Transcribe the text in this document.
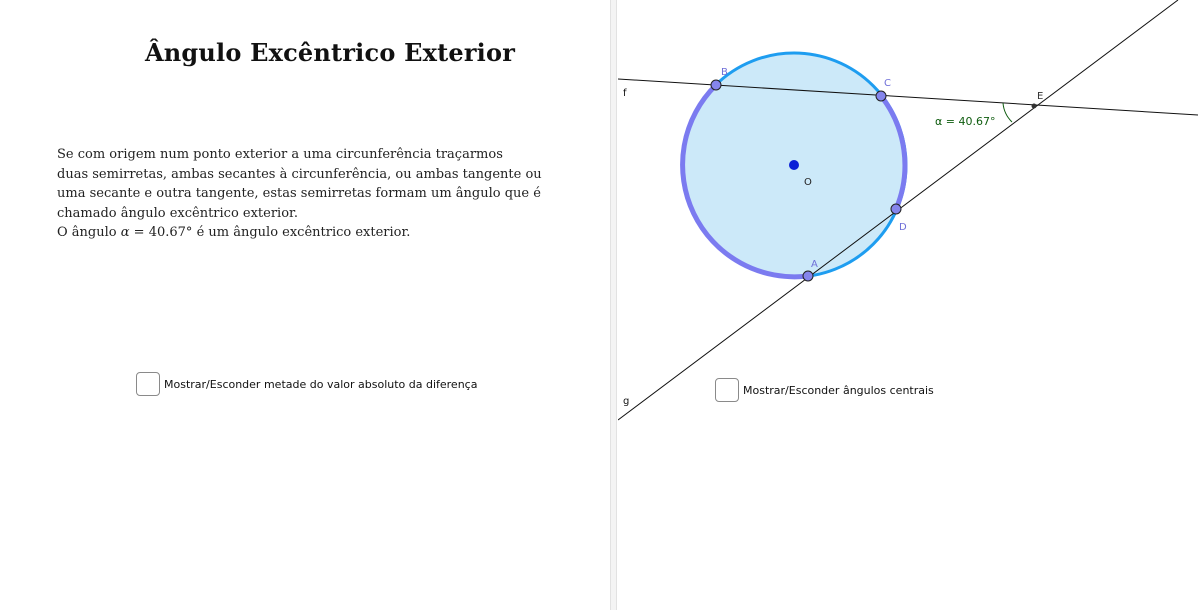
Ângulo Excêntrico Exterior
Se com origem num ponto exterior a uma circunferência traçarmos
duas semirretas, ambas secantes à circunferência, ou ambas tangente ou
uma secante e outra tangente, estas semirretas formam um ângulo que é
chamado ângulo excêntrico exterior.
O ângulo α = 40.67° é um ângulo excêntrico exterior.
Mostrar/Esconder metade do valor absoluto da diferença
f
g
α = 40.67°
B
C
D
A
E
O
Mostrar/Esconder ângulos centrais
